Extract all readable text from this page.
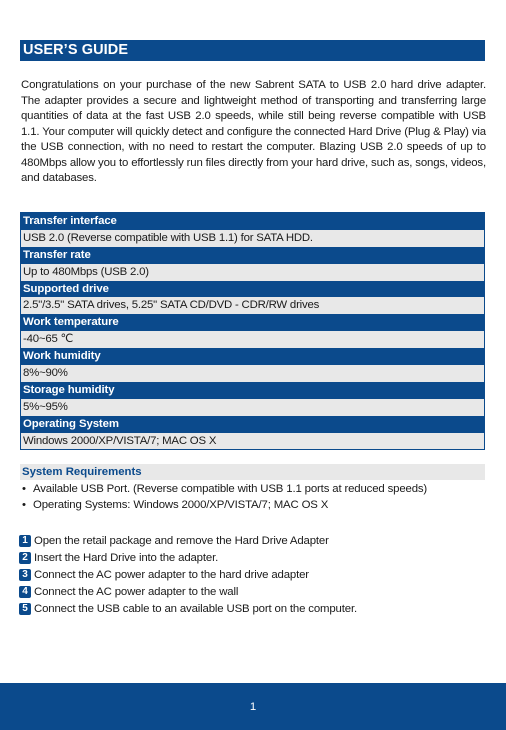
USER’S GUIDE
Congratulations on your purchase of the new Sabrent SATA to USB 2.0 hard drive adapter. The adapter provides a secure and lightweight method of transporting and transferring large quantities of data at the fast USB 2.0 speeds, while still being reverse compatible with USB 1.1. Your computer will quickly detect and configure the connected Hard Drive (Plug & Play) via the USB connection, with no need to restart the computer. Blazing USB 2.0 speeds of up to 480Mbps allow you to effortlessly run files directly from your hard drive, such as, songs, videos, and databases.
Transfer interface
USB 2.0 (Reverse compatible with USB 1.1) for SATA HDD.
Transfer rate
Up to 480Mbps (USB 2.0)
Supported drive
2.5"/3.5" SATA drives, 5.25" SATA CD/DVD - CDR/RW drives
Work temperature
-40~65 ℃
Work humidity
8%~90%
Storage humidity
5%~95%
Operating System
Windows 2000/XP/VISTA/7; MAC OS X
System Requirements
• Available USB Port. (Reverse compatible with USB 1.1 ports at reduced speeds)
• Operating Systems: Windows 2000/XP/VISTA/7; MAC OS X
1 Open the retail package and remove the Hard Drive Adapter
2 Insert the Hard Drive into the adapter.
3 Connect the AC power adapter to the hard drive adapter
4 Connect the AC power adapter to the wall
5 Connect the USB cable to an available USB port on the computer.
1
